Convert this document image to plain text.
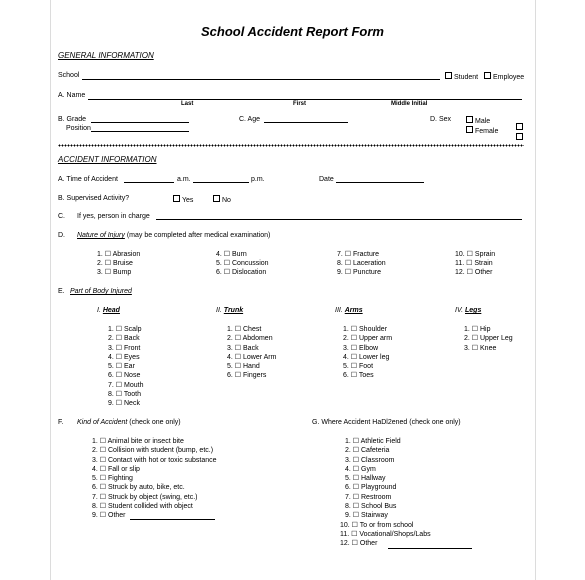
School Accident Report Form
GENERAL INFORMATION
School	Student	Employee
A. Name
Last	First	Middle Initial
B. Grade
Position
C. Age	D. Sex	Male
Female
ACCIDENT INFORMATION
A. Time of Accident	a.m.	p.m.	Date
B. Supervised Activity?	Yes	No
C. If yes, person in charge
D. Nature of Injury (may be completed after medical examination)
1. ☐ Abrasion
2. ☐ Bruise
3. ☐ Bump
4. ☐ Burn
5. ☐ Concussion
6. ☐ Dislocation
7. ☐ Fracture
8. ☐ Laceration
9. ☐ Puncture
10. ☐ Sprain
11. ☐ Strain
12. ☐ Other
E. Part of Body Injured
I. Head	II. Trunk	III. Arms	IV. Legs
1. ☐ Scalp
2. ☐ Back
3. ☐ Front
4. ☐ Eyes
5. ☐ Ear
6. ☐ Nose
7. ☐ Mouth
8. ☐ Tooth
9. ☐ Neck
1. ☐ Chest
2. ☐ Abdomen
3. ☐ Back
4. ☐ Lower Arm
5. ☐ Hand
6. ☐ Fingers
1. ☐ Shoulder
2. ☐ Upper arm
3. ☐ Elbow
4. ☐ Lower leg
5. ☐ Foot
6. ☐ Toes
1. ☐ Hip
2. ☐ Upper Leg
3. ☐ Knee
F. Kind of Accident (check one only)
1. ☐ Animal bite or insect bite
2. ☐ Collision with student (bump, etc.)
3. ☐ Contact with hot or toxic substance
4. ☐ Fall or slip
5. ☐ Fighting
6. ☐ Struck by auto, bike, etc.
7. ☐ Struck by object (swing, etc.)
8. ☐ Student collided with object
9. ☐ Other
G. Where Accident HaDl2ened (check one only)
1. ☐ Athletic Field
2. ☐ Cafeteria
3. ☐ Classroom
4. ☐ Gym
5. ☐ Hallway
6. ☐ Playground
7. ☐ Restroom
8. ☐ School Bus
9. ☐ Stairway
10. ☐ To or from school
11. ☐ Vocational/Shops/Labs
12. ☐ Other
